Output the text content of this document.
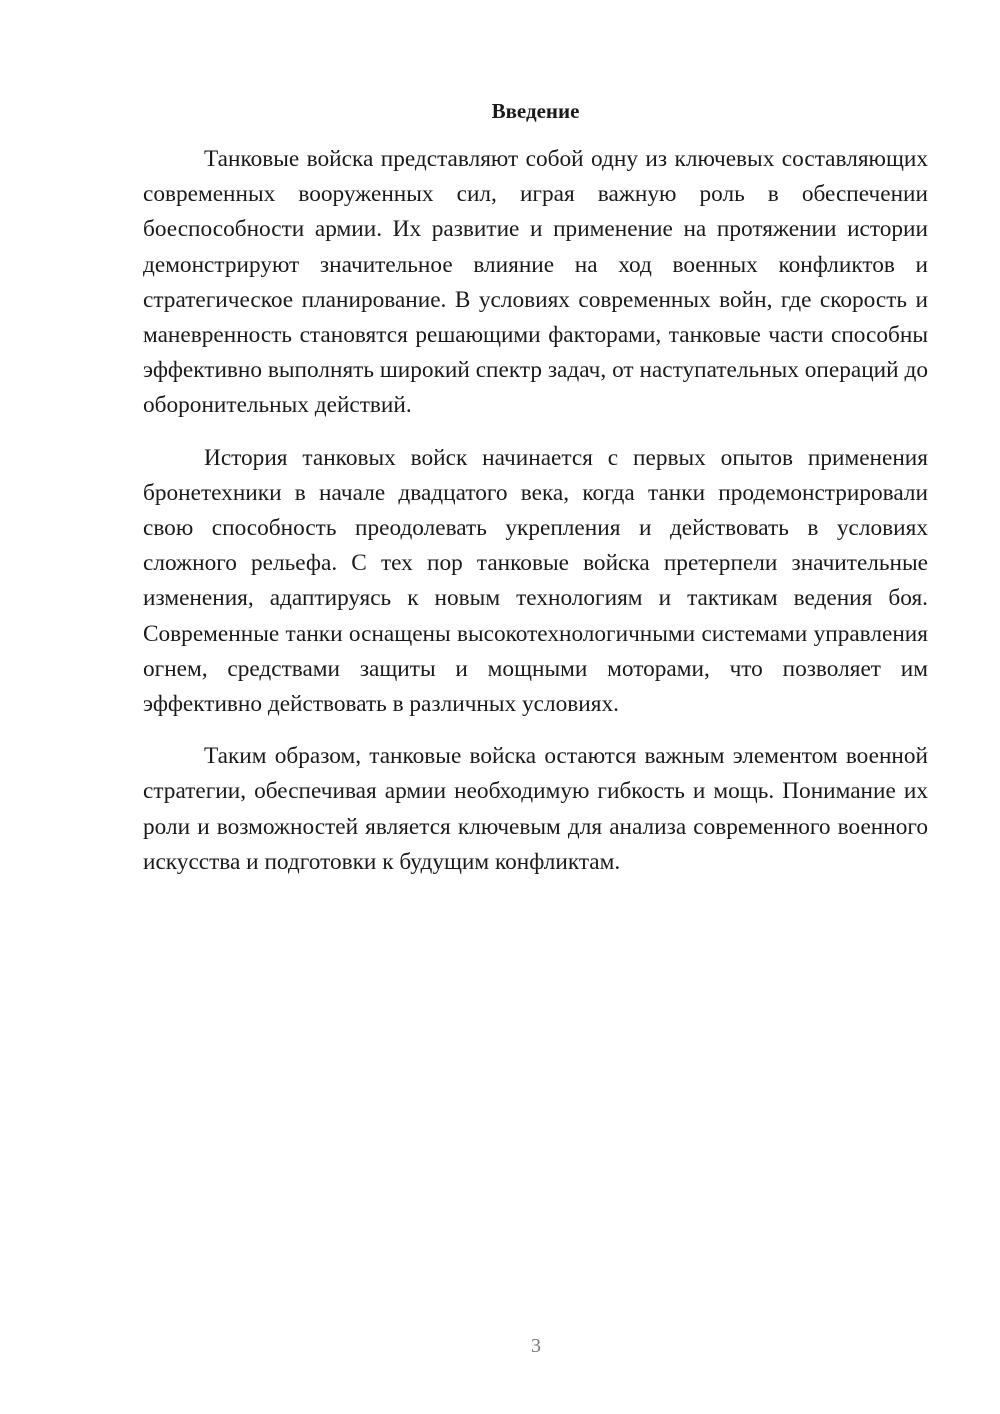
Введение

Танковые войска представляют собой одну из ключевых составляющих современных вооруженных сил, играя важную роль в обеспечении боеспособности армии. Их развитие и применение на протяжении истории демонстрируют значительное влияние на ход военных конфликтов и стратегическое планирование. В условиях современных войн, где скорость и маневренность становятся решающими факторами, танковые части способны эффективно выполнять широкий спектр задач, от наступательных операций до оборонительных действий.

История танковых войск начинается с первых опытов применения бронетехники в начале двадцатого века, когда танки продемонстрировали свою способность преодолевать укрепления и действовать в условиях сложного рельефа. С тех пор танковые войска претерпели значительные изменения, адаптируясь к новым технологиям и тактикам ведения боя. Современные танки оснащены высокотехнологичными системами управления огнем, средствами защиты и мощными моторами, что позволяет им эффективно действовать в различных условиях.

Таким образом, танковые войска остаются важным элементом военной стратегии, обеспечивая армии необходимую гибкость и мощь. Понимание их роли и возможностей является ключевым для анализа современного военного искусства и подготовки к будущим конфликтам.

3
